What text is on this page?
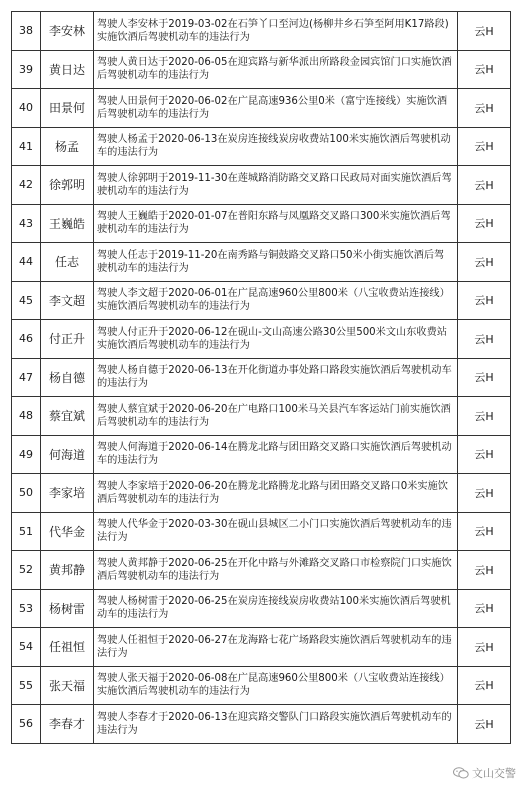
38	李安林	驾驶人李安林于2019-03-02在石笋丫口至河边(杨柳井乡石笋至阿用K17路段)实施饮酒后驾驶机动车的违法行为	云H
39	黄日达	驾驶人黄日达于2020-06-05在迎宾路与新华派出所路段金园宾馆门口实施饮酒后驾驶机动车的违法行为	云H
40	田景何	驾驶人田景何于2020-06-02在广昆高速936公里0米（富宁连接线）实施饮酒后驾驶机动车的违法行为	云H
41	杨孟	驾驶人杨孟于2020-06-13在炭房连接线炭房收费站100米实施饮酒后驾驶机动车的违法行为	云H
42	徐郭明	驾驶人徐郭明于2019-11-30在莲城路消防路交叉路口民政局对面实施饮酒后驾驶机动车的违法行为	云H
43	王巍皓	驾驶人王巍皓于2020-01-07在普阳东路与凤凰路交叉路口300米实施饮酒后驾驶机动车的违法行为	云H
44	任志	驾驶人任志于2019-11-20在南秀路与铜鼓路交叉路口50米小街实施饮酒后驾驶机动车的违法行为	云H
45	李文超	驾驶人李文超于2020-06-01在广昆高速960公里800米（八宝收费站连接线）实施饮酒后驾驶机动车的违法行为	云H
46	付正升	驾驶人付正升于2020-06-12在砚山-文山高速公路30公里500米文山东收费站实施饮酒后驾驶机动车的违法行为	云H
47	杨自德	驾驶人杨自德于2020-06-13在开化街道办事处路口路段实施饮酒后驾驶机动车的违法行为	云H
48	蔡宜斌	驾驶人蔡宜斌于2020-06-20在广电路口100米马关县汽车客运站门前实施饮酒后驾驶机动车的违法行为	云H
49	何海道	驾驶人何海道于2020-06-14在腾龙北路与团田路交叉路口实施饮酒后驾驶机动车的违法行为	云H
50	李家培	驾驶人李家培于2020-06-20在腾龙北路腾龙北路与团田路交叉路口0米实施饮酒后驾驶机动车的违法行为	云H
51	代华金	驾驶人代华金于2020-03-30在砚山县城区二小门口实施饮酒后驾驶机动车的违法行为	云H
52	黄邦静	驾驶人黄邦静于2020-06-25在开化中路与外滩路交叉路口市检察院门口实施饮酒后驾驶机动车的违法行为	云H
53	杨树雷	驾驶人杨树雷于2020-06-25在炭房连接线炭房收费站100米实施饮酒后驾驶机动车的违法行为	云H
54	任祖恒	驾驶人任祖恒于2020-06-27在龙海路七花广场路段实施饮酒后驾驶机动车的违法行为	云H
55	张天福	驾驶人张天福于2020-06-08在广昆高速960公里800米（八宝收费站连接线）实施饮酒后驾驶机动车的违法行为	云H
56	李春才	驾驶人李春才于2020-06-13在迎宾路交警队门口路段实施饮酒后驾驶机动车的违法行为	云H
文山交警
